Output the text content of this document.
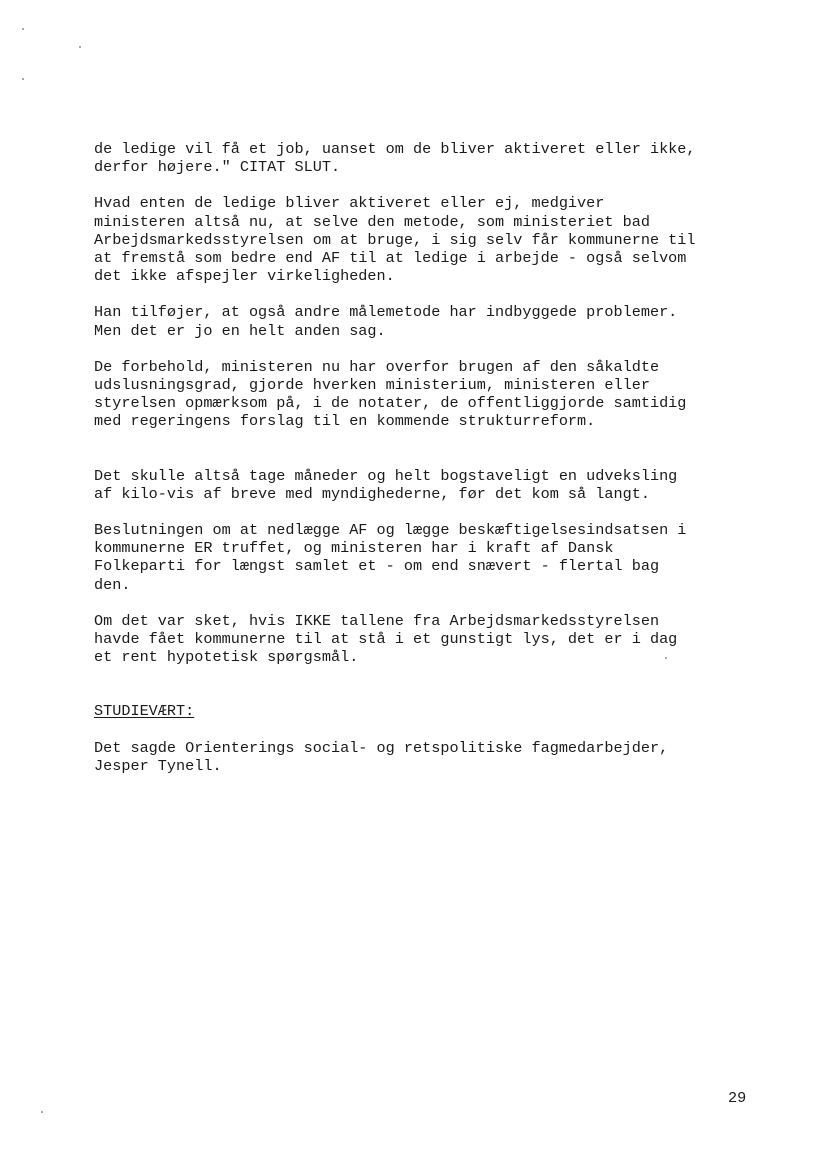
de ledige vil få et job, uanset om de bliver aktiveret eller ikke,
derfor højere." CITAT SLUT.

Hvad enten de ledige bliver aktiveret eller ej, medgiver
ministeren altså nu, at selve den metode, som ministeriet bad
Arbejdsmarkedsstyrelsen om at bruge, i sig selv får kommunerne til
at fremstå som bedre end AF til at ledige i arbejde - også selvom
det ikke afspejler virkeligheden.

Han tilføjer, at også andre målemetode har indbyggede problemer.
Men det er jo en helt anden sag.

De forbehold, ministeren nu har overfor brugen af den såkaldte
udslusningsgrad, gjorde hverken ministerium, ministeren eller
styrelsen opmærksom på, i de notater, de offentliggjorde samtidig
med regeringens forslag til en kommende strukturreform.

Det skulle altså tage måneder og helt bogstaveligt en udveksling
af kilo-vis af breve med myndighederne, før det kom så langt.

Beslutningen om at nedlægge AF og lægge beskæftigelsesindsatsen i
kommunerne ER truffet, og ministeren har i kraft af Dansk
Folkeparti for længst samlet et - om end snævert - flertal bag
den.

Om det var sket, hvis IKKE tallene fra Arbejdsmarkedsstyrelsen
havde fået kommunerne til at stå i et gunstigt lys, det er i dag
et rent hypotetisk spørgsmål.

STUDIEVÆRT:

Det sagde Orienterings social- og retspolitiske fagmedarbejder,
Jesper Tynell.

29
